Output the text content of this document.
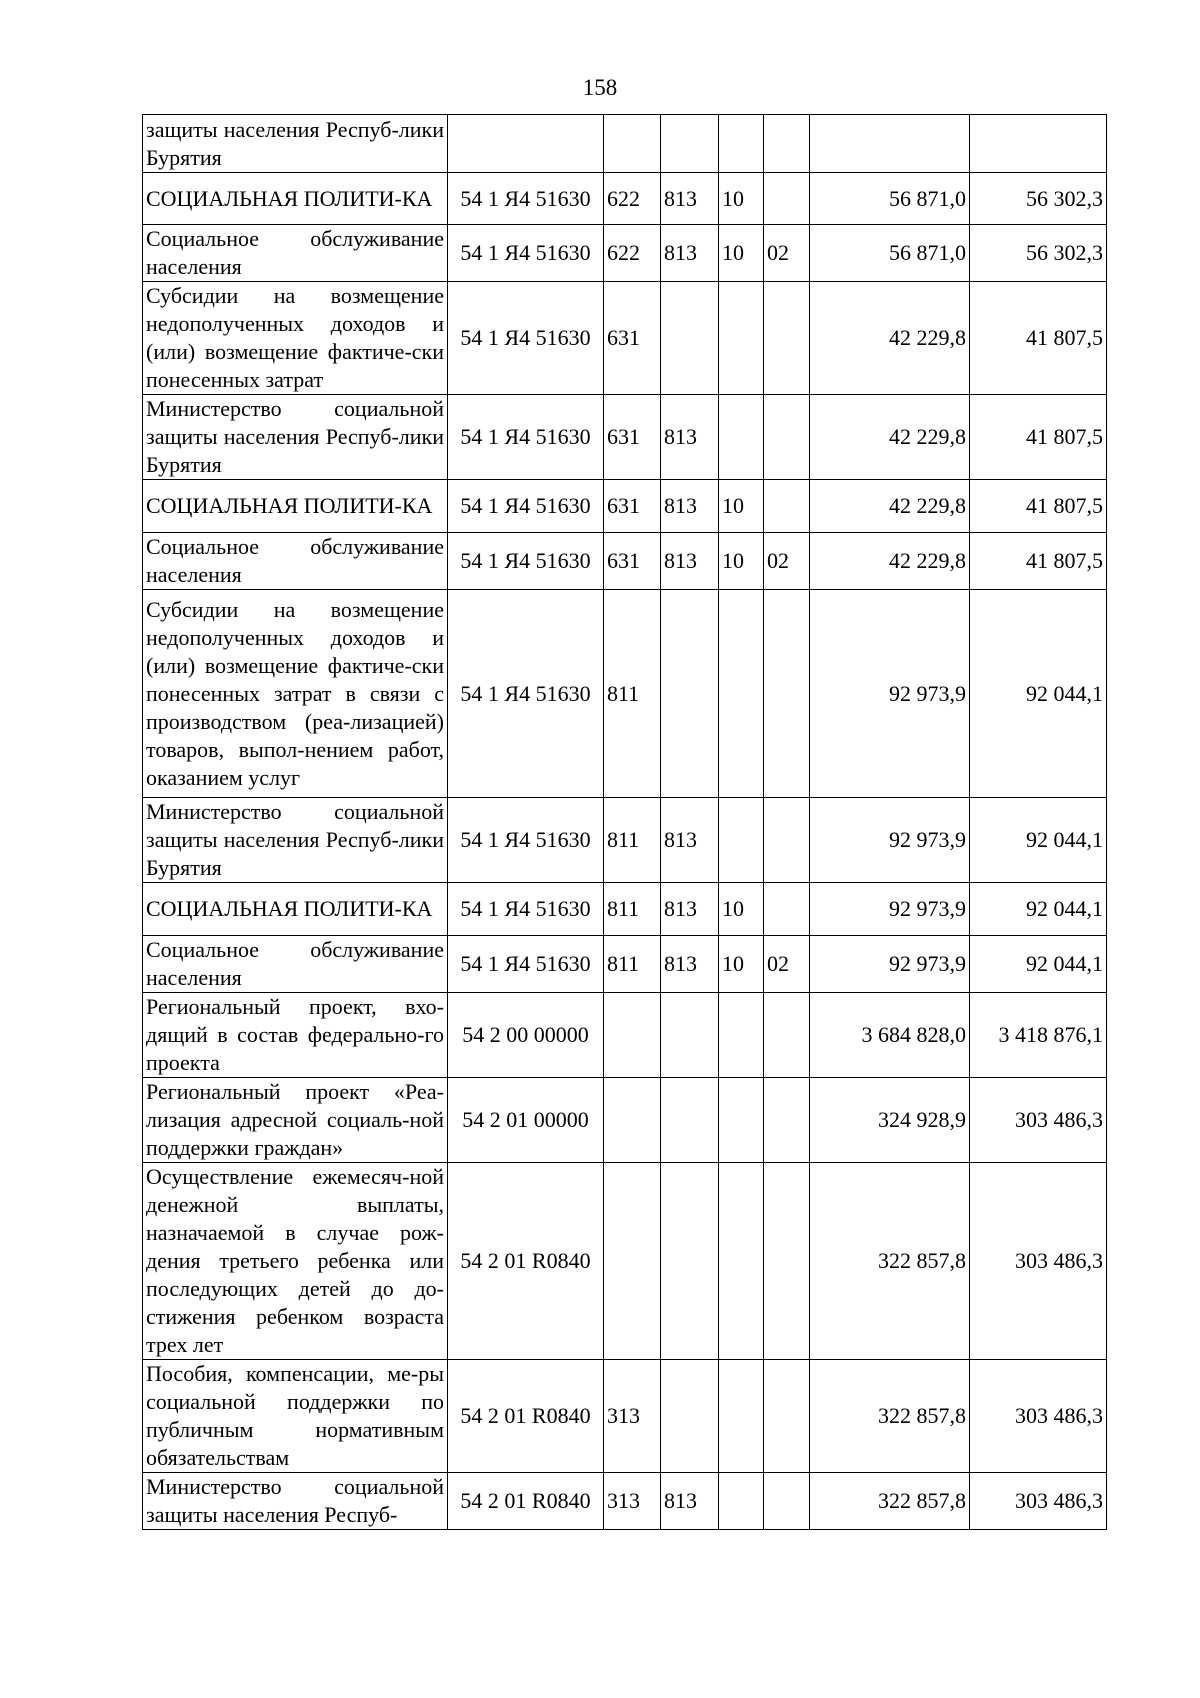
158
защиты населения Респуб-лики Бурятия							
СОЦИАЛЬНАЯ ПОЛИТИ-КА	54 1 Я4 51630	622	813	10		56 871,0	56 302,3
Социальное обслуживание населения	54 1 Я4 51630	622	813	10	02	56 871,0	56 302,3
Субсидии на возмещение недополученных доходов и (или) возмещение фактиче-ски понесенных затрат	54 1 Я4 51630	631				42 229,8	41 807,5
Министерство социальной защиты населения Респуб-лики Бурятия	54 1 Я4 51630	631	813			42 229,8	41 807,5
СОЦИАЛЬНАЯ ПОЛИТИ-КА	54 1 Я4 51630	631	813	10		42 229,8	41 807,5
Социальное обслуживание населения	54 1 Я4 51630	631	813	10	02	42 229,8	41 807,5
Субсидии на возмещение недополученных доходов и (или) возмещение фактиче-ски понесенных затрат в связи с производством (реа-лизацией) товаров, выпол-нением работ, оказанием услуг	54 1 Я4 51630	811				92 973,9	92 044,1
Министерство социальной защиты населения Респуб-лики Бурятия	54 1 Я4 51630	811	813			92 973,9	92 044,1
СОЦИАЛЬНАЯ ПОЛИТИ-КА	54 1 Я4 51630	811	813	10		92 973,9	92 044,1
Социальное обслуживание населения	54 1 Я4 51630	811	813	10	02	92 973,9	92 044,1
Региональный проект, вхо-дящий в состав федерально-го проекта	54 2 00 00000					3 684 828,0	3 418 876,1
Региональный проект «Реа-лизация адресной социаль-ной поддержки граждан»	54 2 01 00000					324 928,9	303 486,3
Осуществление ежемесяч-ной денежной выплаты, назначаемой в случае рож-дения третьего ребенка или последующих детей до до-стижения ребенком возраста трех лет	54 2 01 R0840					322 857,8	303 486,3
Пособия, компенсации, ме-ры социальной поддержки по публичным нормативным обязательствам	54 2 01 R0840	313				322 857,8	303 486,3
Министерство социальной защиты населения Респуб-	54 2 01 R0840	313	813			322 857,8	303 486,3
